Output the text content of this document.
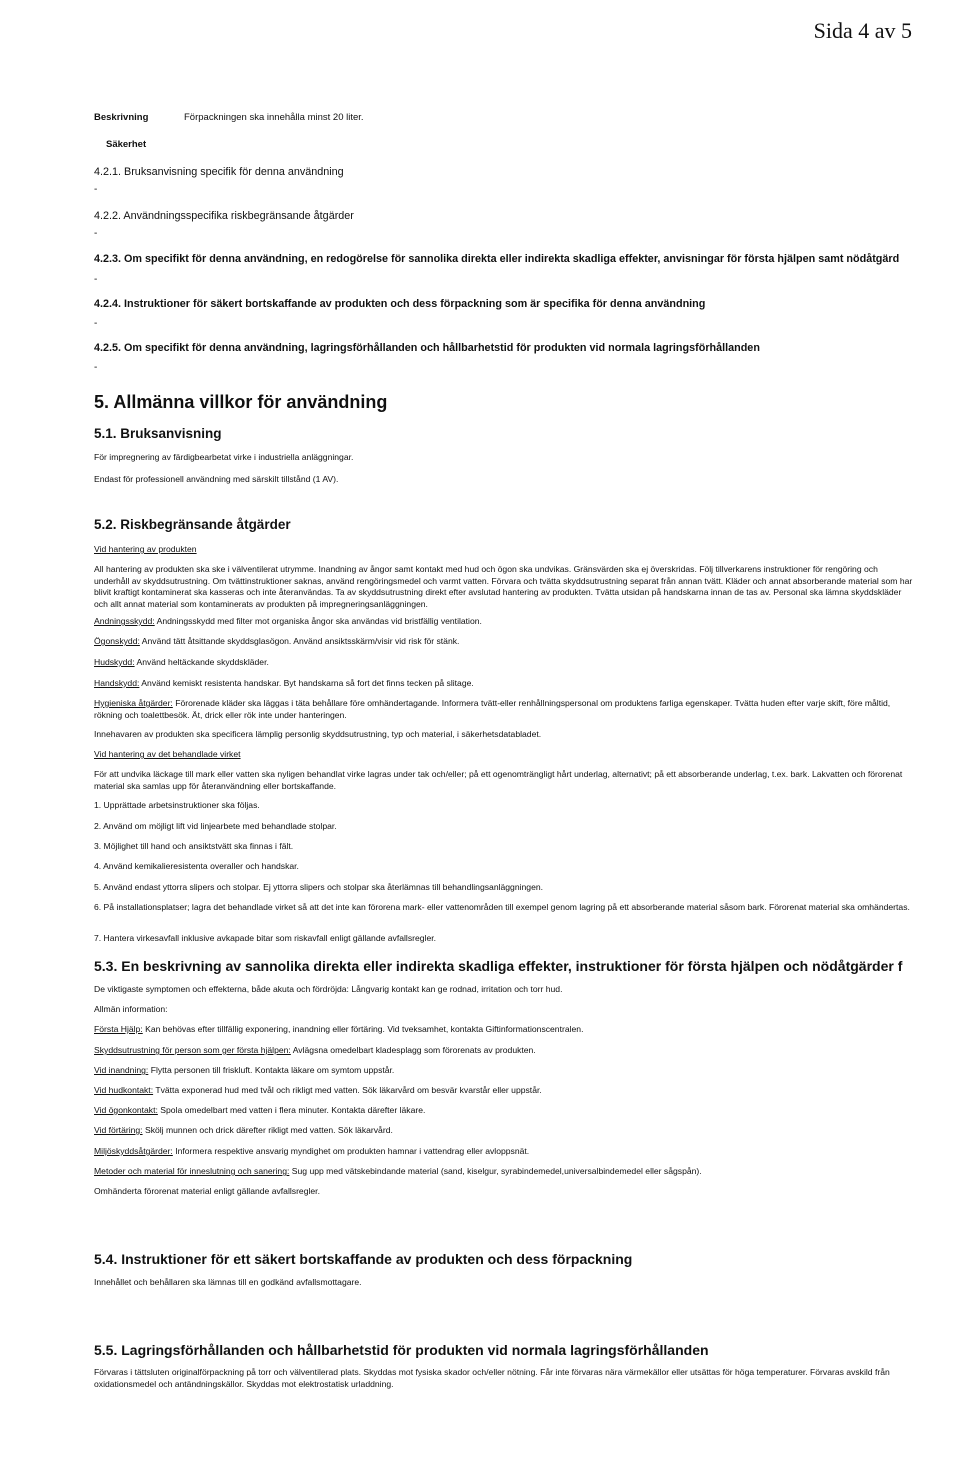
Sida 4 av 5
Beskrivning	Förpackningen ska innehålla minst 20 liter.
Säkerhet
4.2.1. Bruksanvisning specifik för denna användning
-
4.2.2. Användningsspecifika riskbegränsande åtgärder
-
4.2.3. Om specifikt för denna användning, en redogörelse för sannolika direkta eller indirekta skadliga effekter, anvisningar för första hjälpen samt nödåtgärd
-
4.2.4. Instruktioner för säkert bortskaffande av produkten och dess förpackning som är specifika för denna användning
-
4.2.5. Om specifikt för denna användning, lagringsförhållanden och hållbarhetstid för produkten vid normala lagringsförhållanden
-
5. Allmänna villkor för användning
5.1. Bruksanvisning
För impregnering av färdigbearbetat virke i industriella anläggningar.
Endast för professionell användning med särskilt tillstånd (1 AV).
5.2. Riskbegränsande åtgärder
Vid hantering av produkten
All hantering av produkten ska ske i välventilerat utrymme. Inandning av ångor samt kontakt med hud och ögon ska undvikas. Gränsvärden ska ej överskridas. Följ tillverkarens instruktioner för rengöring och underhåll av skyddsutrustning. Om tvättinstruktioner saknas, använd rengöringsmedel och varmt vatten. Förvara och tvätta skyddsutrustning separat från annan tvätt. Kläder och annat absorberande material som har blivit kraftigt kontaminerat ska kasseras och inte återanvändas. Ta av skyddsutrustning direkt efter avslutad hantering av produkten. Tvätta utsidan på handskarna innan de tas av. Personal ska lämna skyddskläder och allt annat material som kontaminerats av produkten på impregneringsanläggningen.
Andningsskydd: Andningsskydd med filter mot organiska ångor ska användas vid bristfällig ventilation.
Ögonskydd: Använd tätt åtsittande skyddsglasögon. Använd ansiktsskärm/visir vid risk för stänk.
Hudskydd: Använd heltäckande skyddskläder.
Handskydd: Använd kemiskt resistenta handskar. Byt handskarna så fort det finns tecken på slitage.
Hygieniska åtgärder: Förorenade kläder ska läggas i täta behållare före omhändertagande. Informera tvätt-eller renhållningspersonal om produktens farliga egenskaper. Tvätta huden efter varje skift, före måltid, rökning och toalettbesök. Ät, drick eller rök inte under hanteringen.
Innehavaren av produkten ska specificera lämplig personlig skyddsutrustning, typ och material, i säkerhetsdatabladet.
Vid hantering av det behandlade virket
För att undvika läckage till mark eller vatten ska nyligen behandlat virke lagras under tak och/eller; på ett ogenomträngligt hårt underlag, alternativt; på ett absorberande underlag, t.ex. bark. Lakvatten och förorenat material ska samlas upp för återanvändning eller bortskaffande.
1. Upprättade arbetsinstruktioner ska följas.
2. Använd om möjligt lift vid linjearbete med behandlade stolpar.
3. Möjlighet till hand och ansiktstvätt ska finnas i fält.
4. Använd kemikalieresistenta overaller och handskar.
5. Använd endast yttorra slipers och stolpar. Ej yttorra slipers och stolpar ska återlämnas till behandlingsanläggningen.
6. På installationsplatser; lagra det behandlade virket så att det inte kan förorena mark- eller vattenområden till exempel genom lagring på ett absorberande material såsom bark. Förorenat material ska omhändertas.
7. Hantera virkesavfall inklusive avkapade bitar som riskavfall enligt gällande avfallsregler.
5.3. En beskrivning av sannolika direkta eller indirekta skadliga effekter, instruktioner för första hjälpen och nödåtgärder f
De viktigaste symptomen och effekterna, både akuta och fördröjda: Långvarig kontakt kan ge rodnad, irritation och torr hud.
Allmän information:
Första Hjälp: Kan behövas efter tillfällig exponering, inandning eller förtäring. Vid tveksamhet, kontakta Giftinformationscentralen.
Skyddsutrustning för person som ger första hjälpen: Avlägsna omedelbart kladesplagg som förorenats av produkten.
Vid inandning: Flytta personen till friskluft. Kontakta läkare om symtom uppstår.
Vid hudkontakt: Tvätta exponerad hud med tvål och rikligt med vatten. Sök läkarvård om besvär kvarstår eller uppstår.
Vid ögonkontakt: Spola omedelbart med vatten i flera minuter. Kontakta därefter läkare.
Vid förtäring: Skölj munnen och drick därefter rikligt med vatten. Sök läkarvård.
Miljöskyddsåtgärder: Informera respektive ansvarig myndighet om produkten hamnar i vattendrag eller avloppsnät.
Metoder och material för inneslutning och sanering: Sug upp med vätskebindande material (sand, kiselgur, syrabindemedel,universalbindemedel eller sågspån).
Omhänderta förorenat material enligt gällande avfallsregler.
5.4. Instruktioner för ett säkert bortskaffande av produkten och dess förpackning
Innehållet och behållaren ska lämnas till en godkänd avfallsmottagare.
5.5. Lagringsförhållanden och hållbarhetstid för produkten vid normala lagringsförhållanden
Förvaras i tättsluten originalförpackning på torr och välventilerad plats. Skyddas mot fysiska skador och/eller nötning. Får inte förvaras nära värmekällor eller utsättas för höga temperaturer. Förvaras avskild från oxidationsmedel och antändningskällor. Skyddas mot elektrostatisk urladdning.
